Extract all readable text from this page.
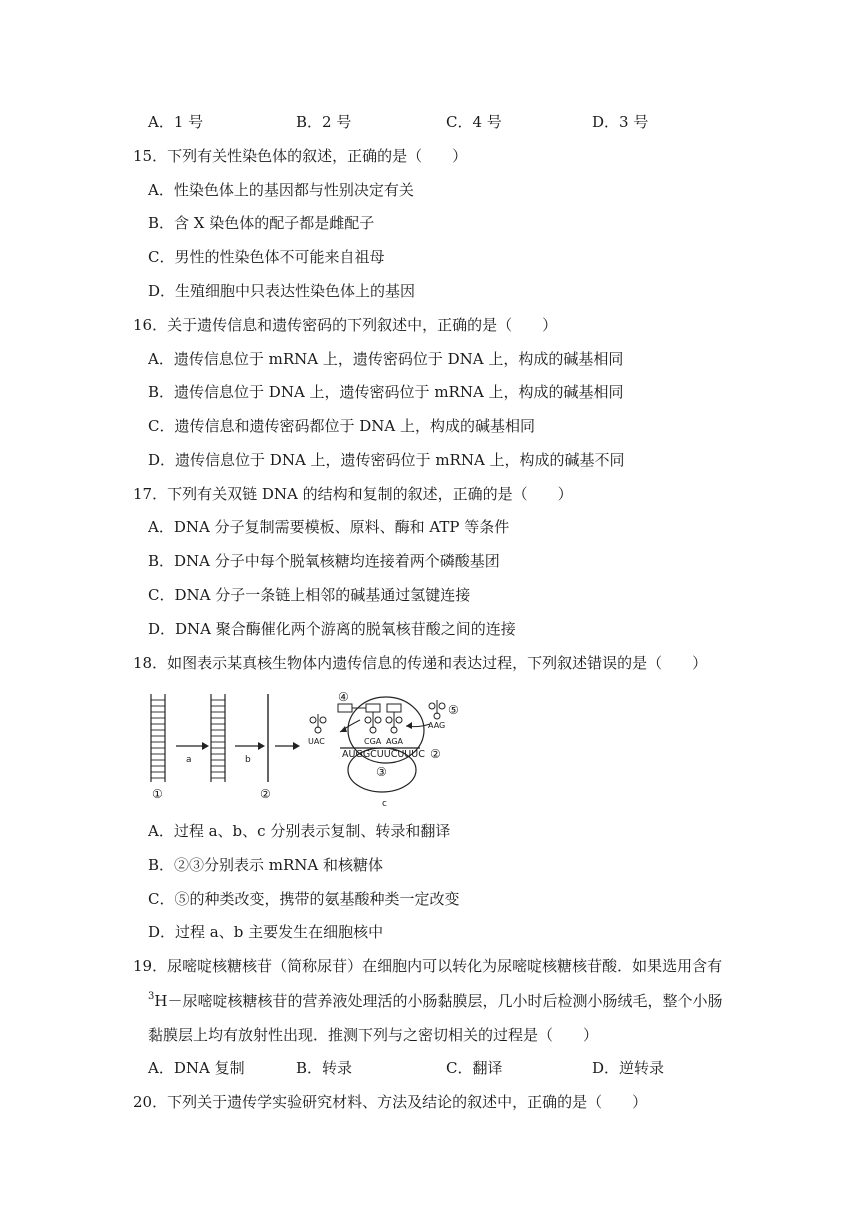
A．1 号	B．2 号	C．4 号	D．3 号
15．下列有关性染色体的叙述，正确的是（　　）
A．性染色体上的基因都与性别决定有关
B．含 X 染色体的配子都是雌配子
C．男性的性染色体不可能来自祖母
D．生殖细胞中只表达性染色体上的基因
16．关于遗传信息和遗传密码的下列叙述中，正确的是（　　）
A．遗传信息位于 mRNA 上，遗传密码位于 DNA 上，构成的碱基相同
B．遗传信息位于 DNA 上，遗传密码位于 mRNA 上，构成的碱基相同
C．遗传信息和遗传密码都位于 DNA 上，构成的碱基相同
D．遗传信息位于 DNA 上，遗传密码位于 mRNA 上，构成的碱基不同
17．下列有关双链 DNA 的结构和复制的叙述，正确的是（　　）
A．DNA 分子复制需要模板、原料、酶和 ATP 等条件
B．DNA 分子中每个脱氧核糖均连接着两个磷酸基团
C．DNA 分子一条链上相邻的碱基通过氢键连接
D．DNA 聚合酶催化两个游离的脱氧核苷酸之间的连接
18．如图表示某真核生物体内遗传信息的传递和表达过程，下列叙述错误的是（　　）
①
a	b
②
③
c
AUGGCUUCUUUC ②
④
CGA AGA
UAC
AAG
⑤
A．过程 a、b、c 分别表示复制、转录和翻译
B．②③分别表示 mRNA 和核糖体
C．⑤的种类改变，携带的氨基酸种类一定改变
D．过程 a、b 主要发生在细胞核中
19．尿嘧啶核糖核苷（简称尿苷）在细胞内可以转化为尿嘧啶核糖核苷酸．如果选用含有
$^3$H－尿嘧啶核糖核苷的营养液处理活的小肠黏膜层，几小时后检测小肠绒毛，整个小肠
黏膜层上均有放射性出现．推测下列与之密切相关的过程是（　　）
A．DNA 复制	B．转录	C．翻译	D．逆转录
20．下列关于遗传学实验研究材料、方法及结论的叙述中，正确的是（　　）
